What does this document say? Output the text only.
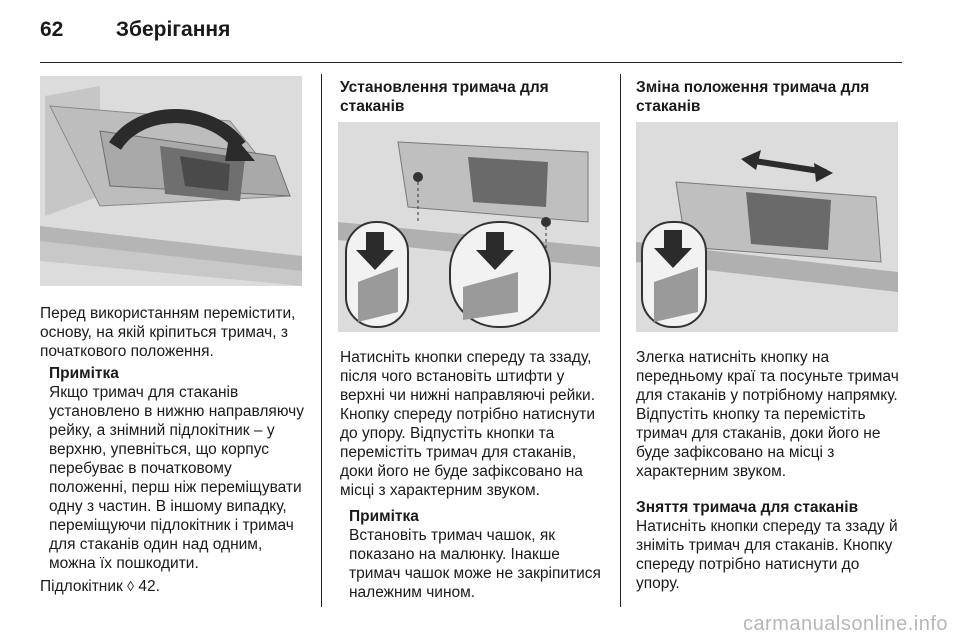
62 Зберігання

Перед використанням перемістити, основу, на якій кріпиться тримач, з початкового положення.

Примітка

Якщо тримач для стаканів установлено в нижню направляючу рейку, а знімний підлокітник – у верхню, упевніться, що корпус перебуває в початковому положенні, перш ніж переміщувати одну з частин. В іншому випадку, переміщуючи підлокітник і тримач для стаканів один над одним, можна їх пошкодити.

Підлокітник ◊ 42.

Установлення тримача для стаканів

Натисніть кнопки спереду та ззаду, після чого встановіть штифти у верхні чи нижні направляючі рейки. Кнопку спереду потрібно натиснути до упору. Відпустіть кнопки та перемістіть тримач для стаканів, доки його не буде зафіксовано на місці з характерним звуком.

Примітка

Встановіть тримач чашок, як показано на малюнку. Інакше тримач чашок може не закріпитися належним чином.

Зміна положення тримача для стаканів

Злегка натисніть кнопку на передньому краї та посуньте тримач для стаканів у потрібному напрямку. Відпустіть кнопку та перемістіть тримач для стаканів, доки його не буде зафіксовано на місці з характерним звуком.

Зняття тримача для стаканів

Натисніть кнопки спереду та ззаду й зніміть тримач для стаканів. Кнопку спереду потрібно натиснути до упору.

carmanualsonline.info
